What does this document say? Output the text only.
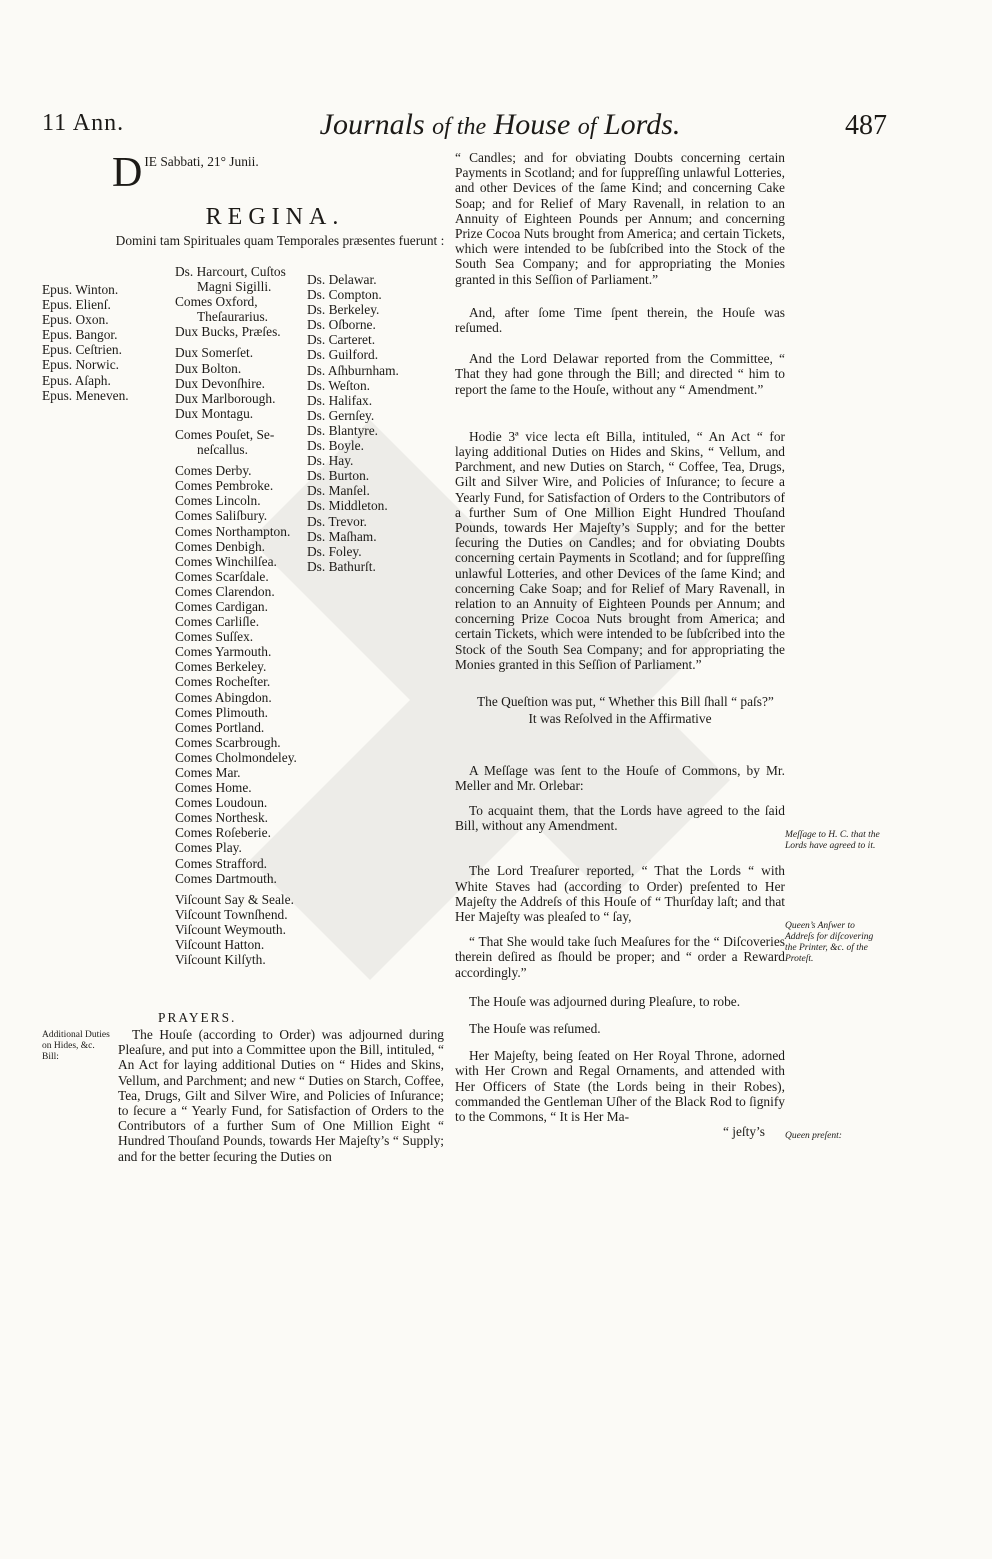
11 Ann.	Journals of the House of Lords.	487

D IE Sabbati, 21° Junii.

REGINA.

Domini tam Spirituales quam Temporales præsentes fuerunt :

Epus. Winton.
Epus. Elienſ.
Epus. Oxon.
Epus. Bangor.
Epus. Ceſtrien.
Epus. Norwic.
Epus. Aſaph.
Epus. Meneven.
Ds. Harcourt, Cuſtos
Magni Sigilli.
Comes Oxford,
Theſaurarius.
Dux Bucks, Præſes.
Dux Somerſet.
Dux Bolton.
Dux Devonſhire.
Dux Marlborough.
Dux Montagu.
Comes Pouſet, Se-
neſcallus.
Comes Derby.
Comes Pembroke.
Comes Lincoln.
Comes Saliſbury.
Comes Northampton.
Comes Denbigh.
Comes Winchilſea.
Comes Scarſdale.
Comes Clarendon.
Comes Cardigan.
Comes Carliſle.
Comes Suſſex.
Comes Yarmouth.
Comes Berkeley.
Comes Rocheſter.
Comes Abingdon.
Comes Plimouth.
Comes Portland.
Comes Scarbrough.
Comes Cholmondeley.
Comes Mar.
Comes Home.
Comes Loudoun.
Comes Northesk.
Comes Roſeberie.
Comes Play.
Comes Strafford.
Comes Dartmouth.
Viſcount Say & Seale.
Viſcount Townſhend.
Viſcount Weymouth.
Viſcount Hatton.
Viſcount Kilſyth.
Ds. Delawar.
Ds. Compton.
Ds. Berkeley.
Ds. Oſborne.
Ds. Carteret.
Ds. Guilford.
Ds. Aſhburnham.
Ds. Weſton.
Ds. Halifax.
Ds. Gernſey.
Ds. Blantyre.
Ds. Boyle.
Ds. Hay.
Ds. Burton.
Ds. Manſel.
Ds. Middleton.
Ds. Trevor.
Ds. Maſham.
Ds. Foley.
Ds. Bathurſt.
PRAYERS.
Additional Duties on Hides, &c. Bill:
The Houſe (according to Order) was adjourned during Pleaſure, and put into a Committee upon the Bill, intituled, “ An Act for laying additional Duties on “ Hides and Skins, Vellum, and Parchment; and new “ Duties on Starch, Coffee, Tea, Drugs, Gilt and Silver Wire, and Policies of Inſurance; to ſecure a “ Yearly Fund, for Satisfaction of Orders to the Contributors of a further Sum of One Million Eight “ Hundred Thouſand Pounds, towards Her Majeſty’s “ Supply; and for the better ſecuring the Duties on

“ Candles; and for obviating Doubts concerning certain Payments in Scotland; and for ſuppreſſing unlawful Lotteries, and other Devices of the ſame Kind; and concerning Cake Soap; and for Relief of Mary Ravenall, in relation to an Annuity of Eighteen Pounds per Annum; and concerning Prize Cocoa Nuts brought from America; and certain Tickets, which were intended to be ſubſcribed into the Stock of the South Sea Company; and for appropriating the Monies granted in this Seſſion of Parliament.”

And, after ſome Time ſpent therein, the Houſe was reſumed.

And the Lord Delawar reported from the Committee, “ That they had gone through the Bill; and directed “ him to report the ſame to the Houſe, without any “ Amendment.”

Hodie 3ª vice lecta eſt Billa, intituled, “ An Act “ for laying additional Duties on Hides and Skins, “ Vellum, and Parchment, and new Duties on Starch, “ Coffee, Tea, Drugs, Gilt and Silver Wire, and Policies of Inſurance; to ſecure a Yearly Fund, for Satisfaction of Orders to the Contributors of a further Sum of One Million Eight Hundred Thouſand Pounds, towards Her Majeſty’s Supply; and for the better ſecuring the Duties on Candles; and for obviating Doubts concerning certain Payments in Scotland; and for ſuppreſſing unlawful Lotteries, and other Devices of the ſame Kind; and concerning Cake Soap; and for Relief of Mary Ravenall, in relation to an Annuity of Eighteen Pounds per Annum; and concerning Prize Cocoa Nuts brought from America; and certain Tickets, which were intended to be ſubſcribed into the Stock of the South Sea Company; and for appropriating the Monies granted in this Seſſion of Parliament.”

The Queſtion was put, “ Whether this Bill ſhall “ paſs?”

It was Reſolved in the Affirmative

A Meſſage was ſent to the Houſe of Commons, by Mr. Meller and Mr. Orlebar:

To acquaint them, that the Lords have agreed to the ſaid Bill, without any Amendment.

The Lord Treaſurer reported, “ That the Lords “ with White Staves had (according to Order) preſented to Her Majeſty the Addreſs of this Houſe of “ Thurſday laſt; and that Her Majeſty was pleaſed to “ ſay,

“ That She would take ſuch Meaſures for the “ Diſcoveries therein deſired as ſhould be proper; and “ order a Reward accordingly.”

The Houſe was adjourned during Pleaſure, to robe.

The Houſe was reſumed.

Her Majeſty, being ſeated on Her Royal Throne, adorned with Her Crown and Regal Ornaments, and attended with Her Officers of State (the Lords being in their Robes), commanded the Gentleman Uſher of the Black Rod to ſignify to the Commons, “ It is Her Ma-

“ jeſty’s

Meſſage to H. C. that the Lords have agreed to it.
Queen’s Anſwer to Addreſs for diſcovering the Printer, &c. of the Proteſt.
Queen preſent:
